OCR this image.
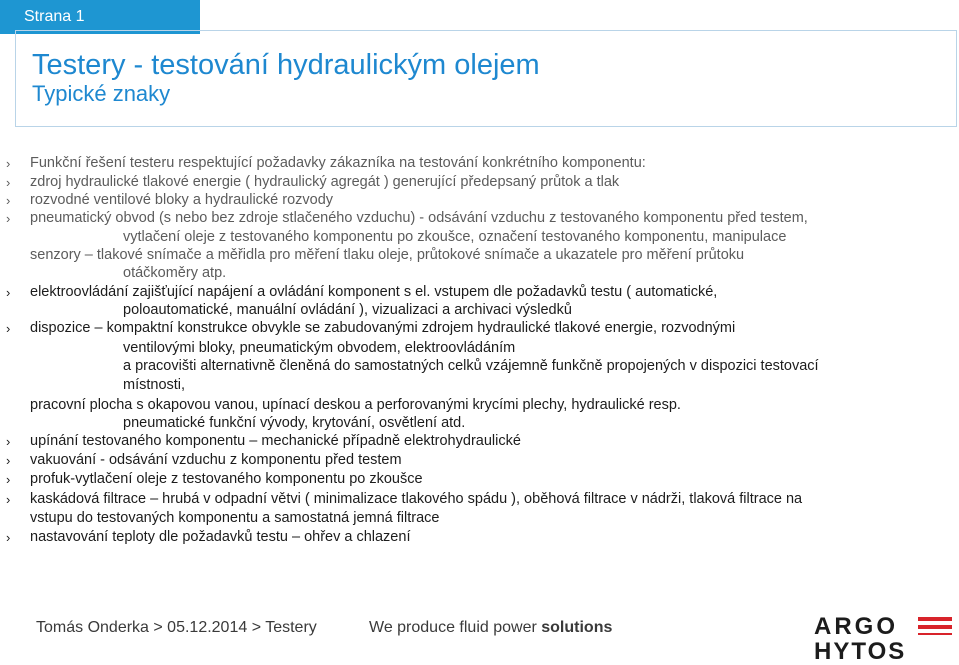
Strana 1
Testery - testování hydraulickým olejem
Typické znaky
›
›
›
›
›
›
›
›
›
›
›
Funkční řešení testeru respektující požadavky zákazníka na testování konkrétního komponentu:
zdroj hydraulické tlakové energie ( hydraulický agregát ) generující předepsaný průtok a tlak
rozvodné ventilové bloky a hydraulické rozvody
pneumatický obvod (s nebo bez zdroje stlačeného vzduchu) - odsávání vzduchu z testovaného komponentu před testem,
vytlačení oleje z testovaného komponentu po zkoušce, označení testovaného komponentu, manipulace
senzory – tlakové snímače a měřidla pro měření tlaku oleje, průtokové snímače a ukazatele pro měření průtoku
otáčkoměry atp.
elektroovládání zajišťující napájení a ovládání komponent s el. vstupem dle požadavků testu ( automatické,
poloautomatické, manuální ovládání ), vizualizaci a archivaci výsledků
dispozice – kompaktní konstrukce obvykle se zabudovanými zdrojem hydraulické tlakové energie, rozvodnými
ventilovými bloky, pneumatickým obvodem, elektroovládáním
a pracovišti alternativně členěná do samostatných celků vzájemně funkčně propojených v dispozici testovací
místnosti,
pracovní plocha s okapovou vanou, upínací deskou a perforovanými krycími plechy, hydraulické resp.
pneumatické funkční vývody, krytování, osvětlení atd.
upínání testovaného komponentu – mechanické případně elektrohydraulické
vakuování - odsávání vzduchu z komponentu před testem
profuk-vytlačení oleje z testovaného komponentu po zkoušce
kaskádová filtrace – hrubá v odpadní větvi ( minimalizace tlakového spádu ), oběhová filtrace v nádrži, tlaková filtrace na
vstupu do testovaných komponentu a samostatná jemná filtrace
nastavování teploty dle požadavků testu – ohřev a chlazení
Tomás Onderka > 05.12.2014 > Testery	We produce fluid power solutions	ARGO
HYTOS
